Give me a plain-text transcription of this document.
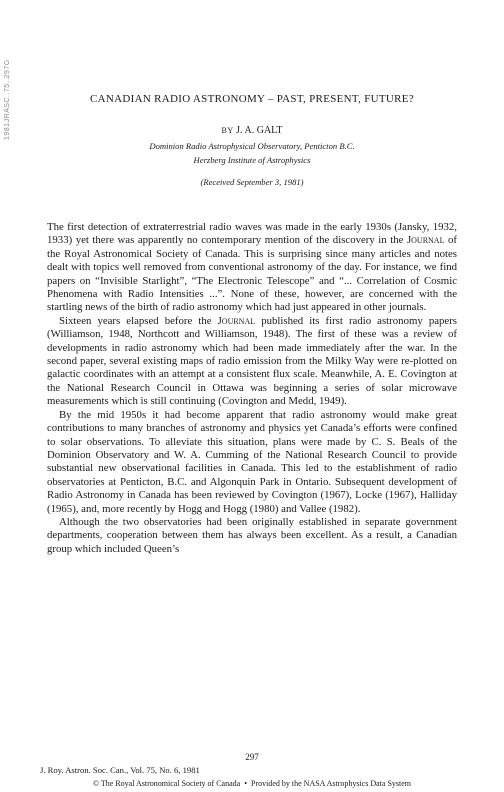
1981JRASC..75..297G	CANADIAN RADIO ASTRONOMY – PAST, PRESENT, FUTURE?
BY J. A. GALT
Dominion Radio Astrophysical Observatory, Penticton B.C.
Herzberg Institute of Astrophysics
(Received September 3, 1981)

The first detection of extraterrestrial radio waves was made in the early 1930s (Jansky, 1932, 1933) yet there was apparently no contemporary mention of the discovery in the Journal of the Royal Astronomical Society of Canada. This is surprising since many articles and notes dealt with topics well removed from conventional astronomy of the day. For instance, we find papers on “Invisible Starlight”, “The Electronic Telescope” and “... Correlation of Cosmic Phenomena with Radio Intensities ...”. None of these, however, are concerned with the startling news of the birth of radio astronomy which had just appeared in other journals.

Sixteen years elapsed before the Journal published its first radio astronomy papers (Williamson, 1948, Northcott and Williamson, 1948). The first of these was a review of developments in radio astronomy which had been made immediately after the war. In the second paper, several existing maps of radio emission from the Milky Way were re-plotted on galactic coordinates with an attempt at a consistent flux scale. Meanwhile, A. E. Covington at the National Research Council in Ottawa was beginning a series of solar microwave measurements which is still continuing (Covington and Medd, 1949).

By the mid 1950s it had become apparent that radio astronomy would make great contributions to many branches of astronomy and physics yet Canada’s efforts were confined to solar observations. To alleviate this situation, plans were made by C. S. Beals of the Dominion Observatory and W. A. Cumming of the National Research Council to provide substantial new observational facilities in Canada. This led to the establishment of radio observatories at Penticton, B.C. and Algonquin Park in Ontario. Subsequent development of Radio Astronomy in Canada has been reviewed by Covington (1967), Locke (1967), Halliday (1965), and, more recently by Hogg and Hogg (1980) and Vallee (1982).

Although the two observatories had been originally established in separate government departments, cooperation between them has always been excellent. As a result, a Canadian group which included Queen’s

297
J. Roy. Astron. Soc. Can., Vol. 75, No. 6, 1981
© The Royal Astronomical Society of Canada • Provided by the NASA Astrophysics Data System
